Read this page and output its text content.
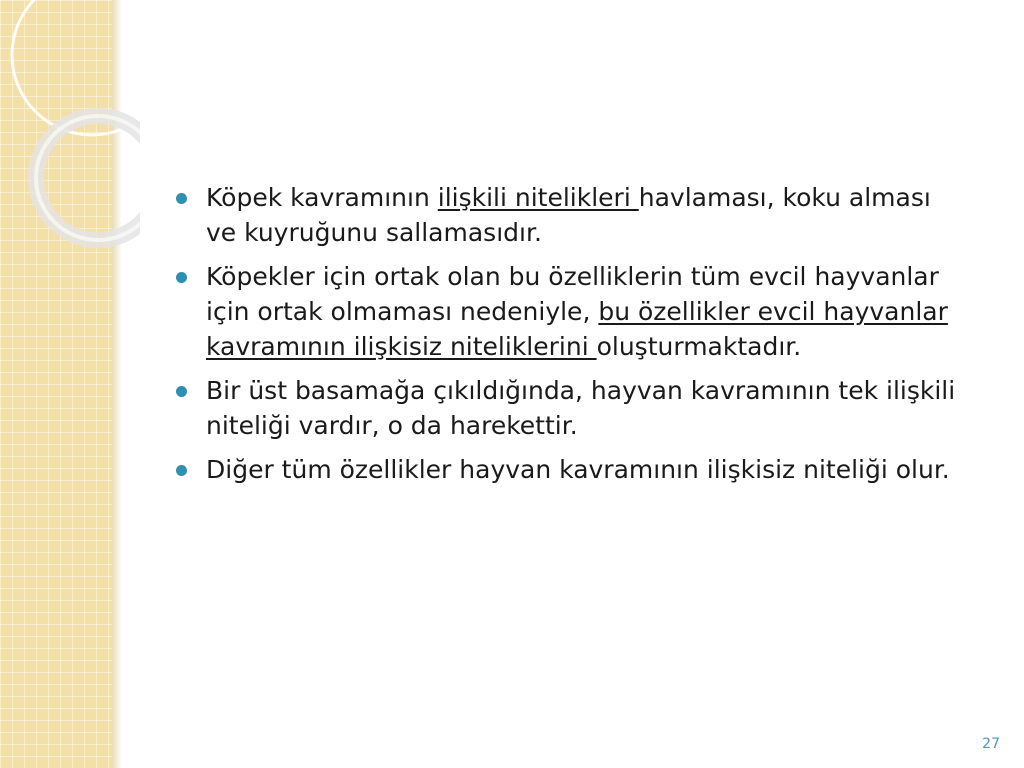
Köpek kavramının ilişkili nitelikleri havlaması, koku alması ve kuyruğunu sallamasıdır.
Köpekler için ortak olan bu özelliklerin tüm evcil hayvanlar için ortak olmaması nedeniyle, bu özellikler evcil hayvanlar kavramının ilişkisiz niteliklerini oluşturmaktadır.
Bir üst basamağa çıkıldığında, hayvan kavramının tek ilişkili niteliği vardır, o da harekettir.
Diğer tüm özellikler hayvan kavramının ilişkisiz niteliği olur.
27
